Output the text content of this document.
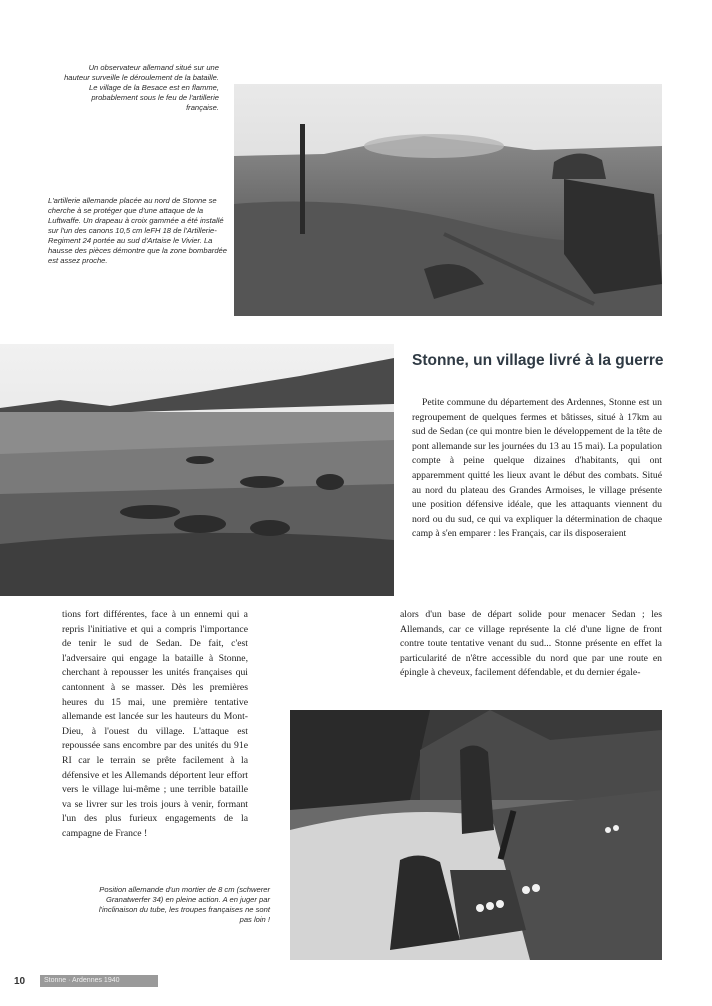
Un observateur allemand situé sur une hauteur surveille le déroulement de la bataille. Le village de la Besace est en flamme, probablement sous le feu de l'artillerie française.
L'artillerie allemande placée au nord de Stonne se cherche à se protéger que d'une attaque de la Luftwaffe. Un drapeau à croix gammée a été installé sur l'un des canons 10,5 cm leFH 18 de l'Artillerie-Regiment 24 portée au sud d'Artaise le Vivier. La hausse des pièces démontre que la zone bombardée est assez proche.
Stonne, un village livré à la guerre

Petite commune du département des Ardennes, Stonne est un regroupement de quelques fermes et bâtisses, situé à 17km au sud de Sedan (ce qui montre bien le développement de la tête de pont allemande sur les journées du 13 au 15 mai). La population compte à peine quelque dizaines d'habitants, qui ont apparemment quitté les lieux avant le début des combats. Situé au nord du plateau des Grandes Armoises, le village présente une position défensive idéale, que les attaquants viennent du nord ou du sud, ce qui va expliquer la détermination de chaque camp à s'en emparer : les Français, car ils disposeraient

alors d'un base de départ solide pour menacer Sedan ; les Allemands, car ce village représente la clé d'une ligne de front contre toute tentative venant du sud... Stonne présente en effet la particularité de n'être accessible du nord que par une route en épingle à cheveux, facilement défendable, et du dernier égale-

tions fort différentes, face à un ennemi qui a repris l'initiative et qui a compris l'importance de tenir le sud de Sedan. De fait, c'est l'adversaire qui engage la bataille à Stonne, cherchant à repousser les unités françaises qui cantonnent à se masser. Dès les premières heures du 15 mai, une première tentative allemande est lancée sur les hauteurs du Mont-Dieu, à l'ouest du village. L'attaque est repoussée sans encombre par des unités du 91e RI car le terrain se prête facilement à la défensive et les Allemands déportent leur effort vers le village lui-même ; une terrible bataille va se livrer sur les trois jours à venir, formant l'un des plus furieux engagements de la campagne de France !

Position allemande d'un mortier de 8 cm (schwerer Granatwerfer 34) en pleine action. A en juger par l'inclinaison du tube, les troupes françaises ne sont pas loin !
10	Stonne · Ardennes 1940
